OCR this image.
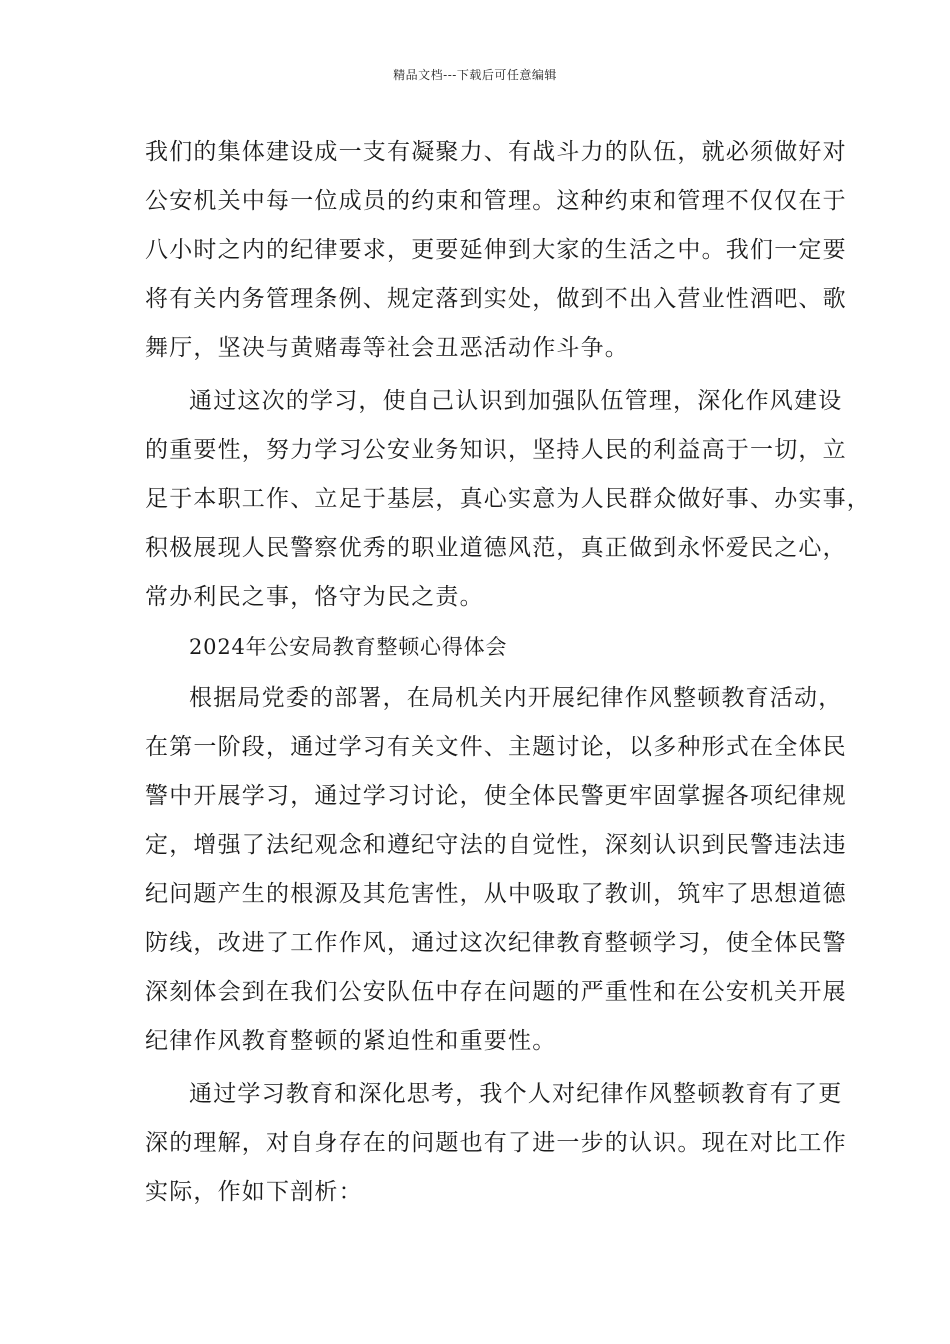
精品文档---下载后可任意编辑
我们的集体建设成一支有凝聚力、有战斗力的队伍，就必须做好对
公安机关中每一位成员的约束和管理。这种约束和管理不仅仅在于
八小时之内的纪律要求，更要延伸到大家的生活之中。我们一定要
将有关内务管理条例、规定落到实处，做到不出入营业性酒吧、歌
舞厅，坚决与黄赌毒等社会丑恶活动作斗争。
通过这次的学习，使自己认识到加强队伍管理，深化作风建设
的重要性，努力学习公安业务知识，坚持人民的利益高于一切，立
足于本职工作、立足于基层，真心实意为人民群众做好事、办实事，
积极展现人民警察优秀的职业道德风范，真正做到永怀爱民之心，
常办利民之事，恪守为民之责。
2024年公安局教育整顿心得体会
根据局党委的部署，在局机关内开展纪律作风整顿教育活动，
在第一阶段，通过学习有关文件、主题讨论，以多种形式在全体民
警中开展学习，通过学习讨论，使全体民警更牢固掌握各项纪律规
定，增强了法纪观念和遵纪守法的自觉性，深刻认识到民警违法违
纪问题产生的根源及其危害性，从中吸取了教训，筑牢了思想道德
防线，改进了工作作风，通过这次纪律教育整顿学习，使全体民警
深刻体会到在我们公安队伍中存在问题的严重性和在公安机关开展
纪律作风教育整顿的紧迫性和重要性。
通过学习教育和深化思考，我个人对纪律作风整顿教育有了更
深的理解，对自身存在的问题也有了进一步的认识。现在对比工作
实际，作如下剖析：
